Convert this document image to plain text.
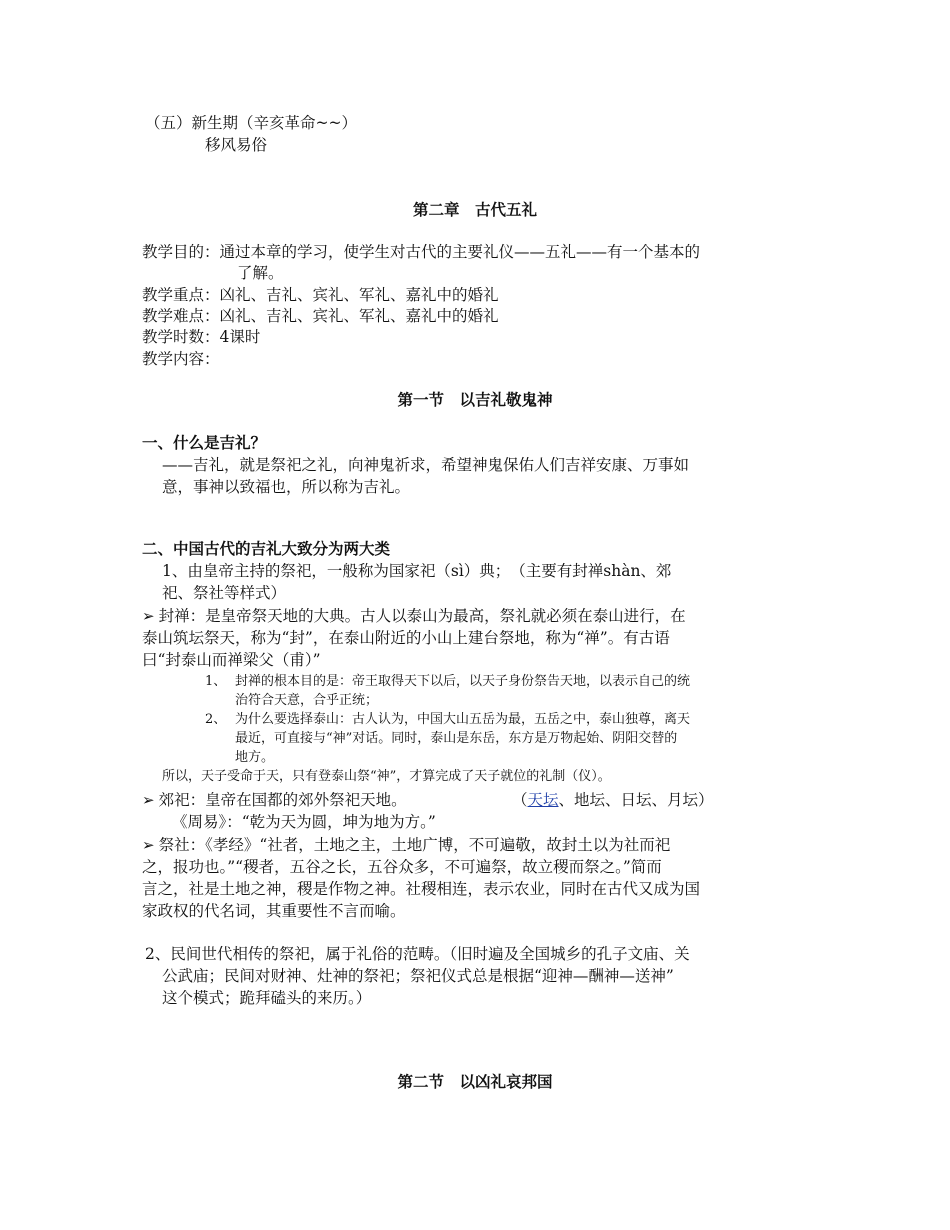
（五）新生期（辛亥革命~~）
移风易俗
第二章　古代五礼
教学目的：通过本章的学习，使学生对古代的主要礼仪——五礼——有一个基本的
了解。
教学重点：凶礼、吉礼、宾礼、军礼、嘉礼中的婚礼
教学难点：凶礼、吉礼、宾礼、军礼、嘉礼中的婚礼
教学时数：4课时
教学内容：
第一节　以吉礼敬鬼神
一、什么是吉礼？
——吉礼，就是祭祀之礼，向神鬼祈求，希望神鬼保佑人们吉祥安康、万事如
意，事神以致福也，所以称为吉礼。
二、中国古代的吉礼大致分为两大类
1、由皇帝主持的祭祀，一般称为国家祀（sì）典；　（主要有封禅shàn、郊
祀、祭社等样式）
➢ 封禅：是皇帝祭天地的大典。古人以泰山为最高，祭礼就必须在泰山进行，在
泰山筑坛祭天，称为“封”，在泰山附近的小山上建台祭地，称为“禅”。有古语
曰“封泰山而禅梁父（甫）”
1、 封禅的根本目的是：帝王取得天下以后，以天子身份祭告天地，以表示自己的统
治符合天意，合乎正统；
2、 为什么要选择泰山：古人认为，中国大山五岳为最，五岳之中，泰山独尊，离天
最近，可直接与“神”对话。同时，泰山是东岳，东方是万物起始、阴阳交替的
地方。
所以，天子受命于天，只有登泰山祭“神”，才算完成了天子就位的礼制（仪）。
➢ 郊祀：皇帝在国都的郊外祭祀天地。	（天坛、地坛、日坛、月坛）
《周易》：“乾为天为圆，坤为地为方。”
➢ 祭社：《孝经》“社者，土地之主，土地广博，不可遍敬，故封土以为社而祀
之，报功也。”“稷者，五谷之长，五谷众多，不可遍祭，故立稷而祭之。”简而
言之，社是土地之神，稷是作物之神。社稷相连，表示农业，同时在古代又成为国
家政权的代名词，其重要性不言而喻。
2、民间世代相传的祭祀，属于礼俗的范畴。（旧时遍及全国城乡的孔子文庙、关
公武庙；民间对财神、灶神的祭祀；祭祀仪式总是根据“迎神—酬神—送神”
这个模式；跪拜磕头的来历。）
第二节　以凶礼哀邦国
